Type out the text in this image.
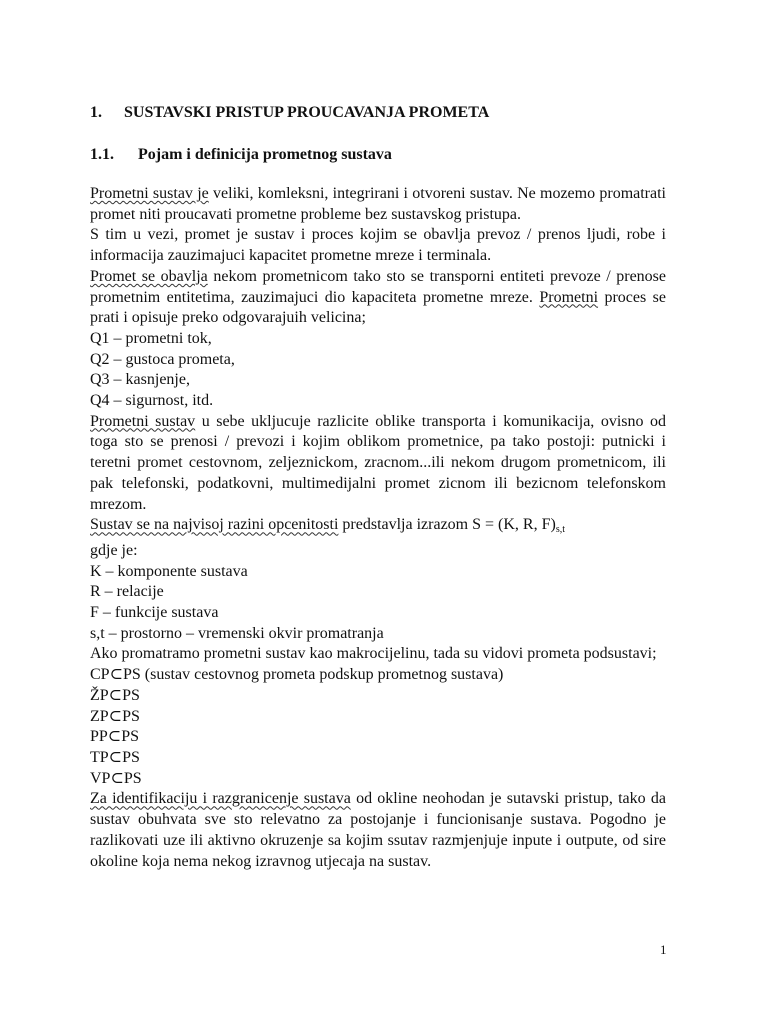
1. SUSTAVSKI PRISTUP PROUCAVANJA PROMETA
1.1. Pojam i definicija prometnog sustava
Prometni sustav je veliki, komleksni, integrirani i otvoreni sustav. Ne mozemo promatrati promet niti proucavati prometne probleme bez sustavskog pristupa.
S tim u vezi, promet je sustav i proces kojim se obavlja prevoz / prenos ljudi, robe i informacija zauzimajuci kapacitet prometne mreze i terminala.
Promet se obavlja nekom prometnicom tako sto se transporni entiteti prevoze / prenose prometnim entitetima, zauzimajuci dio kapaciteta prometne mreze. Prometni proces se prati i opisuje preko odgovarajuih velicina;
Q1 – prometni tok,
Q2 – gustoca prometa,
Q3 – kasnjenje,
Q4 – sigurnost, itd.
Prometni sustav u sebe ukljucuje razlicite oblike transporta i komunikacija, ovisno od toga sto se prenosi / prevozi i kojim oblikom prometnice, pa tako postoji: putnicki i teretni promet cestovnom, zeljeznickom, zracnom...ili nekom drugom prometnicom, ili pak telefonski, podatkovni, multimedijalni promet zicnom ili bezicnom telefonskom mrezom.
Sustav se na najvisoj razini opcenitosti predstavlja izrazom S = (K, R, $F)_{s,t}$
gdje je:
K – komponente sustava
R – relacije
F – funkcije sustava
s,t – prostorno – vremenski okvir promatranja
Ako promatramo prometni sustav kao makrocijelinu, tada su vidovi prometa podsustavi;
CP⊂PS (sustav cestovnog prometa podskup prometnog sustava)
ŽP⊂PS
ZP⊂PS
PP⊂PS
TP⊂PS
VP⊂PS
Za identifikaciju i razgranicenje sustava od okline neohodan je sutavski pristup, tako da sustav obuhvata sve sto relevatno za postojanje i funcionisanje sustava. Pogodno je razlikovati uze ili aktivno okruzenje sa kojim ssutav razmjenjuje inpute i outpute, od sire okoline koja nema nekog izravnog utjecaja na sustav.
1
